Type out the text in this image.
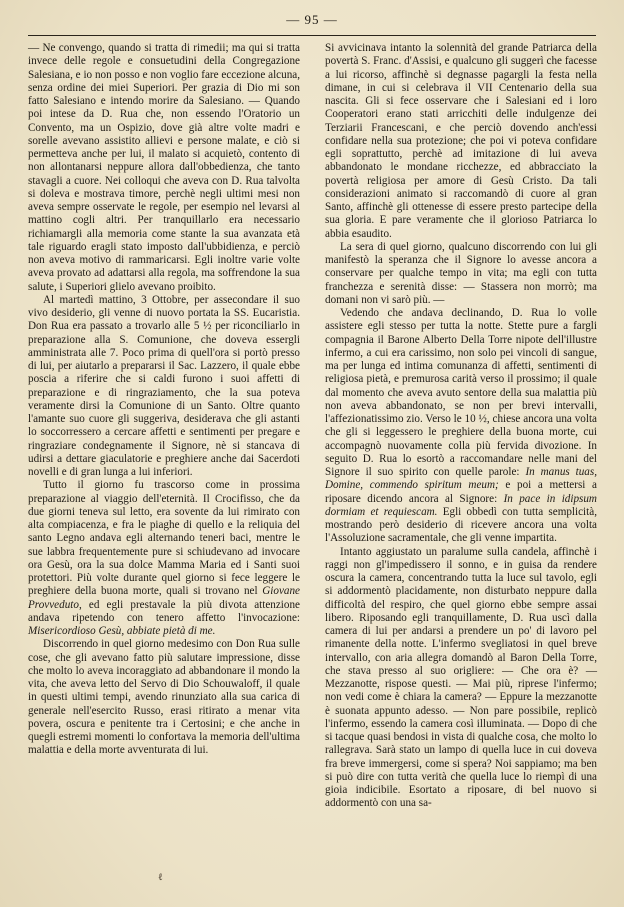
— 95 —

— Ne convengo, quando si tratta di rimedii; ma qui si tratta invece delle regole e consuetudini della Congregazione Salesiana, e io non posso e non voglio fare eccezione alcuna, senza ordine dei miei Superiori. Per grazia di Dio mi son fatto Salesiano e intendo morire da Salesiano. — Quando poi intese da D. Rua che, non essendo l'Oratorio un Convento, ma un Ospizio, dove già altre volte madri e sorelle avevano assistito allievi e persone malate, e ciò si permetteva anche per lui, il malato si acquietò, contento di non allontanarsi neppure allora dall'obbedienza, che tanto stavagli a cuore. Nei colloqui che aveva con D. Rua talvolta si doleva e mostrava timore, perchè negli ultimi mesi non aveva sempre osservate le regole, per esempio nel levarsi al mattino cogli altri. Per tranquillarlo era necessario richiamargli alla memoria come stante la sua avanzata età tale riguardo eragli stato imposto dall'ubbidienza, e perciò non aveva motivo di rammaricarsi. Egli inoltre varie volte aveva provato ad adattarsi alla regola, ma soffrendone la sua salute, i Superiori glielo avevano proibito.

Al martedì mattino, 3 Ottobre, per assecondare il suo vivo desiderio, gli venne di nuovo portata la SS. Eucaristia. Don Rua era passato a trovarlo alle 5 ½ per riconciliarlo in preparazione alla S. Comunione, che doveva essergli amministrata alle 7. Poco prima di quell'ora si portò presso di lui, per aiutarlo a prepararsi il Sac. Lazzero, il quale ebbe poscia a riferire che si caldi furono i suoi affetti di preparazione e di ringraziamento, che la sua poteva veramente dirsi la Comunione di un Santo. Oltre quanto l'amante suo cuore gli suggeriva, desiderava che gli astanti lo soccorressero a cercare affetti e sentimenti per pregare e ringraziare condegnamente il Signore, nè si stancava di udirsi a dettare giaculatorie e preghiere anche dai Sacerdoti novelli e di gran lunga a lui inferiori.

Tutto il giorno fu trascorso come in prossima preparazione al viaggio dell'eternità. Il Crocifisso, che da due giorni teneva sul letto, era sovente da lui rimirato con alta compiacenza, e fra le piaghe di quello e la reliquia del santo Legno andava egli alternando teneri baci, mentre le sue labbra frequentemente pure si schiudevano ad invocare ora Gesù, ora la sua dolce Mamma Maria ed i Santi suoi protettori. Più volte durante quel giorno si fece leggere le preghiere della buona morte, quali si trovano nel Giovane Provveduto, ed egli prestavale la più divota attenzione andava ripetendo con tenero affetto l'invocazione: Misericordioso Gesù, abbiate pietà di me.

Discorrendo in quel giorno medesimo con Don Rua sulle cose, che gli avevano fatto più salutare impressione, disse che molto lo aveva incoraggiato ad abbandonare il mondo la vita, che aveva letto del Servo di Dio Schouwaloff, il quale in questi ultimi tempi, avendo rinunziato alla sua carica di generale nell'esercito Russo, erasi ritirato a menar vita povera, oscura e penitente tra i Certosini; e che anche in quegli estremi momenti lo confortava la memoria dell'ultima malattia e della morte avventurata di lui.

Si avvicinava intanto la solennità del grande Patriarca della povertà S. Franc. d'Assisi, e qualcuno gli suggerì che facesse a lui ricorso, affinchè si degnasse pagargli la festa nella dimane, in cui si celebrava il VII Centenario della sua nascita. Gli si fece osservare che i Salesiani ed i loro Cooperatori erano stati arricchiti delle indulgenze dei Terziarii Francescani, e che perciò dovendo anch'essi confidare nella sua protezione; che poi vi poteva confidare egli soprattutto, perchè ad imitazione di lui aveva abbandonato le mondane ricchezze, ed abbracciato la povertà religiosa per amore di Gesù Cristo. Da tali considerazioni animato si raccomandò di cuore al gran Santo, affinchè gli ottenesse di essere presto partecipe della sua gloria. E pare veramente che il glorioso Patriarca lo abbia esaudito.

La sera di quel giorno, qualcuno discorrendo con lui gli manifestò la speranza che il Signore lo avesse ancora a conservare per qualche tempo in vita; ma egli con tutta franchezza e serenità disse: — Stassera non morrò; ma domani non vi sarò più. —

Vedendo che andava declinando, D. Rua lo volle assistere egli stesso per tutta la notte. Stette pure a fargli compagnia il Barone Alberto Della Torre nipote dell'illustre infermo, a cui era carissimo, non solo pei vincoli di sangue, ma per lunga ed intima comunanza di affetti, sentimenti di religiosa pietà, e premurosa carità verso il prossimo; il quale dal momento che aveva avuto sentore della sua malattia più non aveva abbandonato, se non per brevi intervalli, l'affezionatissimo zio. Verso le 10 ½, chiese ancora una volta che gli si leggessero le preghiere della buona morte, cui accompagnò nuovamente colla più fervida divozione. In seguito D. Rua lo esortò a raccomandare nelle mani del Signore il suo spirito con quelle parole: In manus tuas, Domine, commendo spiritum meum; e poi a mettersi a riposare dicendo ancora al Signore: In pace in idipsum dormiam et requiescam. Egli obbedì con tutta semplicità, mostrando però desiderio di ricevere ancora una volta l'Assoluzione sacramentale, che gli venne impartita.

Intanto aggiustato un paralume sulla candela, affinchè i raggi non gl'impedissero il sonno, e in guisa da rendere oscura la camera, concentrando tutta la luce sul tavolo, egli si addormentò placidamente, non disturbato neppure dalla difficoltà del respiro, che quel giorno ebbe sempre assai libero. Riposando egli tranquillamente, D. Rua uscì dalla camera di lui per andarsi a prendere un po' di lavoro pel rimanente della notte. L'infermo svegliatosi in quel breve intervallo, con aria allegra domandò al Baron Della Torre, che stava presso al suo origliere: — Che ora è? — Mezzanotte, rispose questi. — Mai più, riprese l'infermo; non vedi come è chiara la camera? — Eppure la mezzanotte è suonata appunto adesso. — Non pare possibile, replicò l'infermo, essendo la camera così illuminata. — Dopo di che si tacque quasi bendosi in vista di qualche cosa, che molto lo rallegrava. Sarà stato un lampo di quella luce in cui doveva fra breve immergersi, come si spera? Noi sappiamo; ma ben si può dire con tutta verità che quella luce lo riempì di una gioia indicibile. Esortato a riposare, di bel nuovo si addormentò con una sa-

ℓ
